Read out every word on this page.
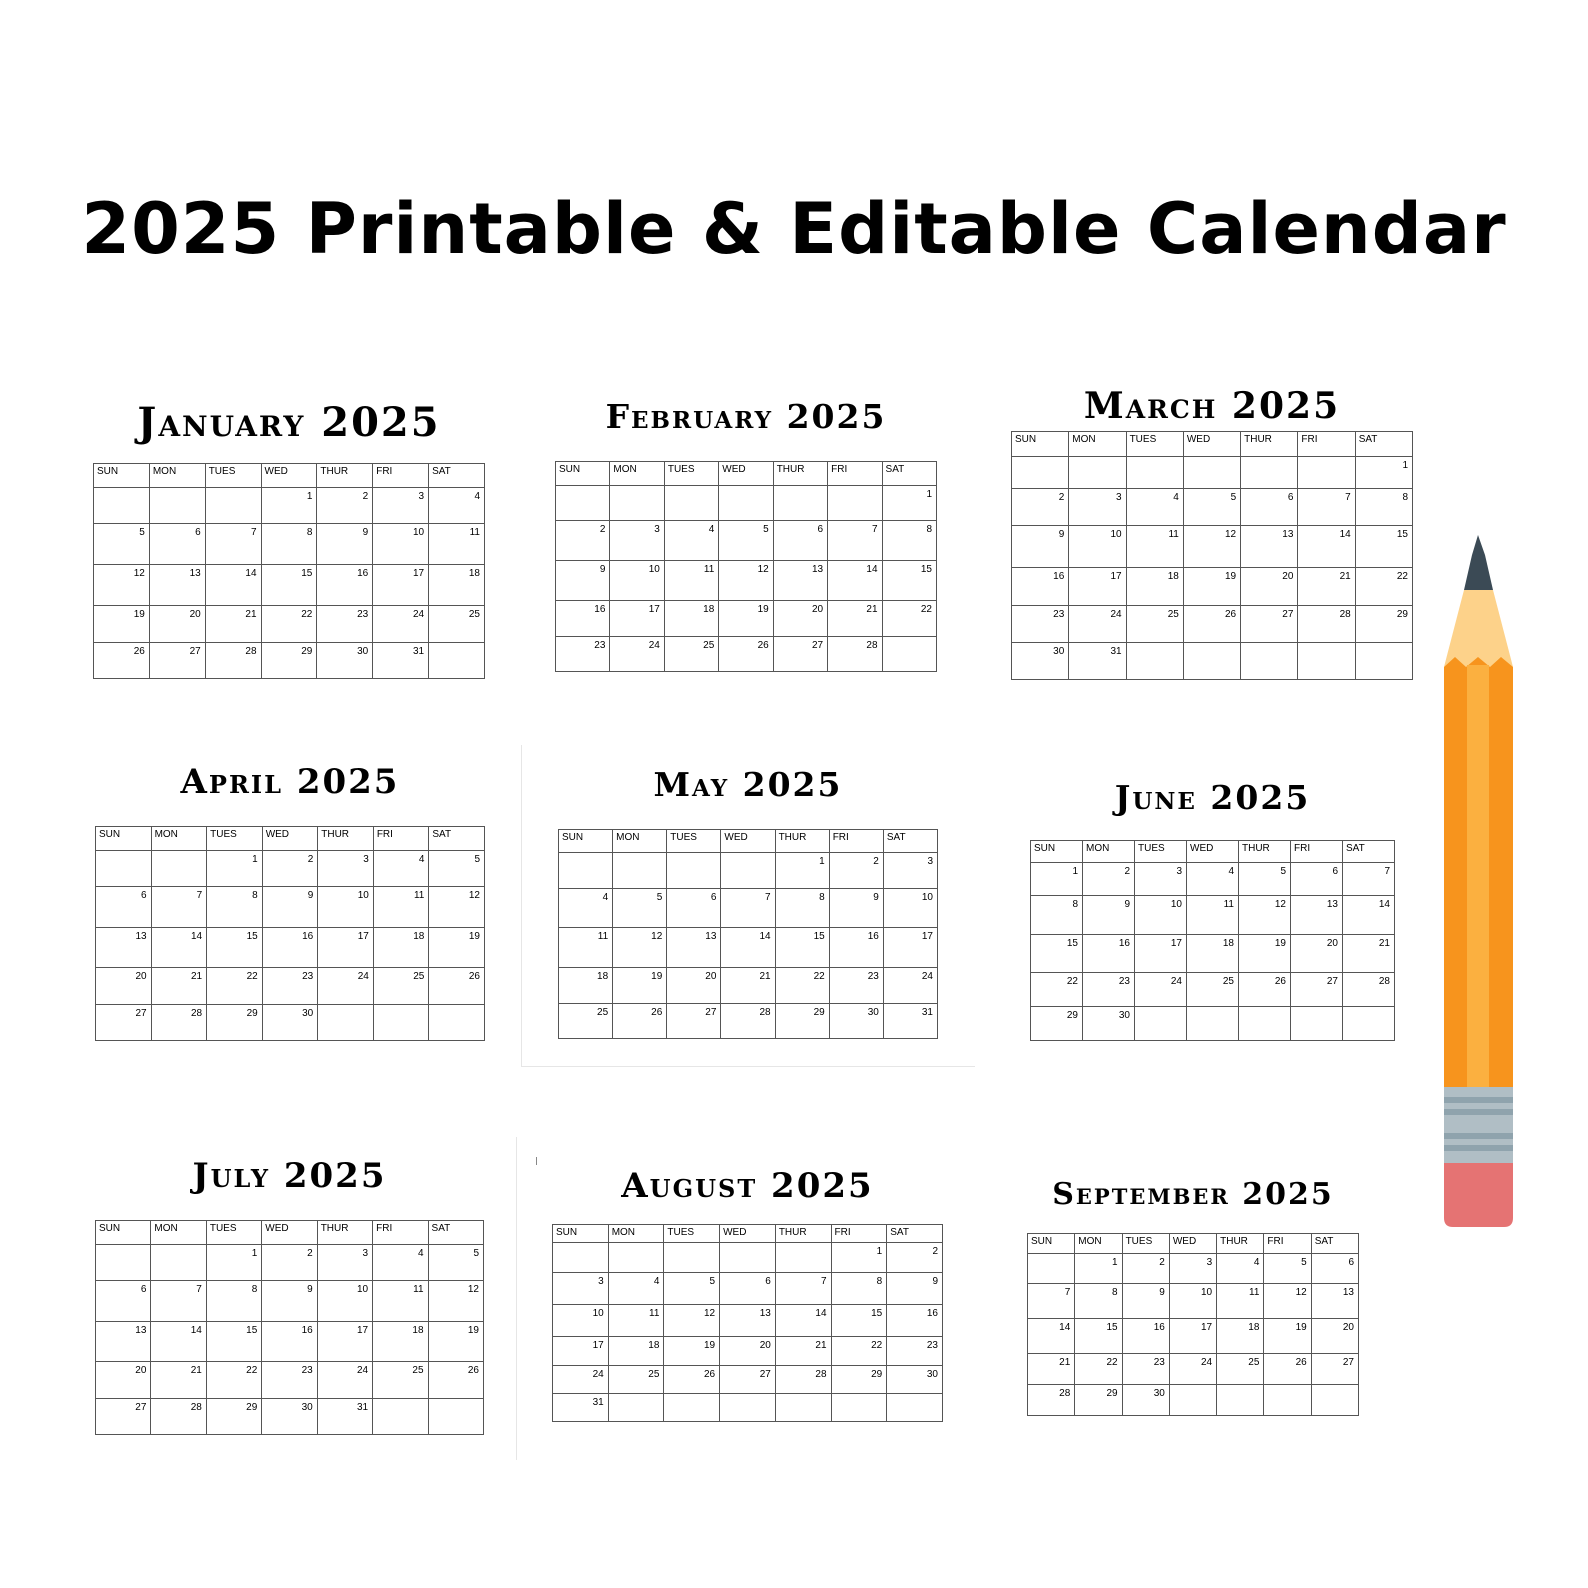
2025 Printable & Editable Calendar
January 2025
SUN	MON	TUES	WED	THUR	FRI	SAT
			1	2	3	4
5	6	7	8	9	10	11
12	13	14	15	16	17	18
19	20	21	22	23	24	25
26	27	28	29	30	31	
February 2025
SUN	MON	TUES	WED	THUR	FRI	SAT
						1
2	3	4	5	6	7	8
9	10	11	12	13	14	15
16	17	18	19	20	21	22
23	24	25	26	27	28	
March 2025
SUN	MON	TUES	WED	THUR	FRI	SAT
						1
2	3	4	5	6	7	8
9	10	11	12	13	14	15
16	17	18	19	20	21	22
23	24	25	26	27	28	29
30	31					
April 2025
SUN	MON	TUES	WED	THUR	FRI	SAT
		1	2	3	4	5
6	7	8	9	10	11	12
13	14	15	16	17	18	19
20	21	22	23	24	25	26
27	28	29	30			
May 2025
SUN	MON	TUES	WED	THUR	FRI	SAT
				1	2	3
4	5	6	7	8	9	10
11	12	13	14	15	16	17
18	19	20	21	22	23	24
25	26	27	28	29	30	31
June 2025
SUN	MON	TUES	WED	THUR	FRI	SAT
1	2	3	4	5	6	7
8	9	10	11	12	13	14
15	16	17	18	19	20	21
22	23	24	25	26	27	28
29	30					
July 2025
SUN	MON	TUES	WED	THUR	FRI	SAT
		1	2	3	4	5
6	7	8	9	10	11	12
13	14	15	16	17	18	19
20	21	22	23	24	25	26
27	28	29	30	31		
August 2025
SUN	MON	TUES	WED	THUR	FRI	SAT
					1	2
3	4	5	6	7	8	9
10	11	12	13	14	15	16
17	18	19	20	21	22	23
24	25	26	27	28	29	30
31						
September 2025
SUN	MON	TUES	WED	THUR	FRI	SAT
	1	2	3	4	5	6
7	8	9	10	11	12	13
14	15	16	17	18	19	20
21	22	23	24	25	26	27
28	29	30				
